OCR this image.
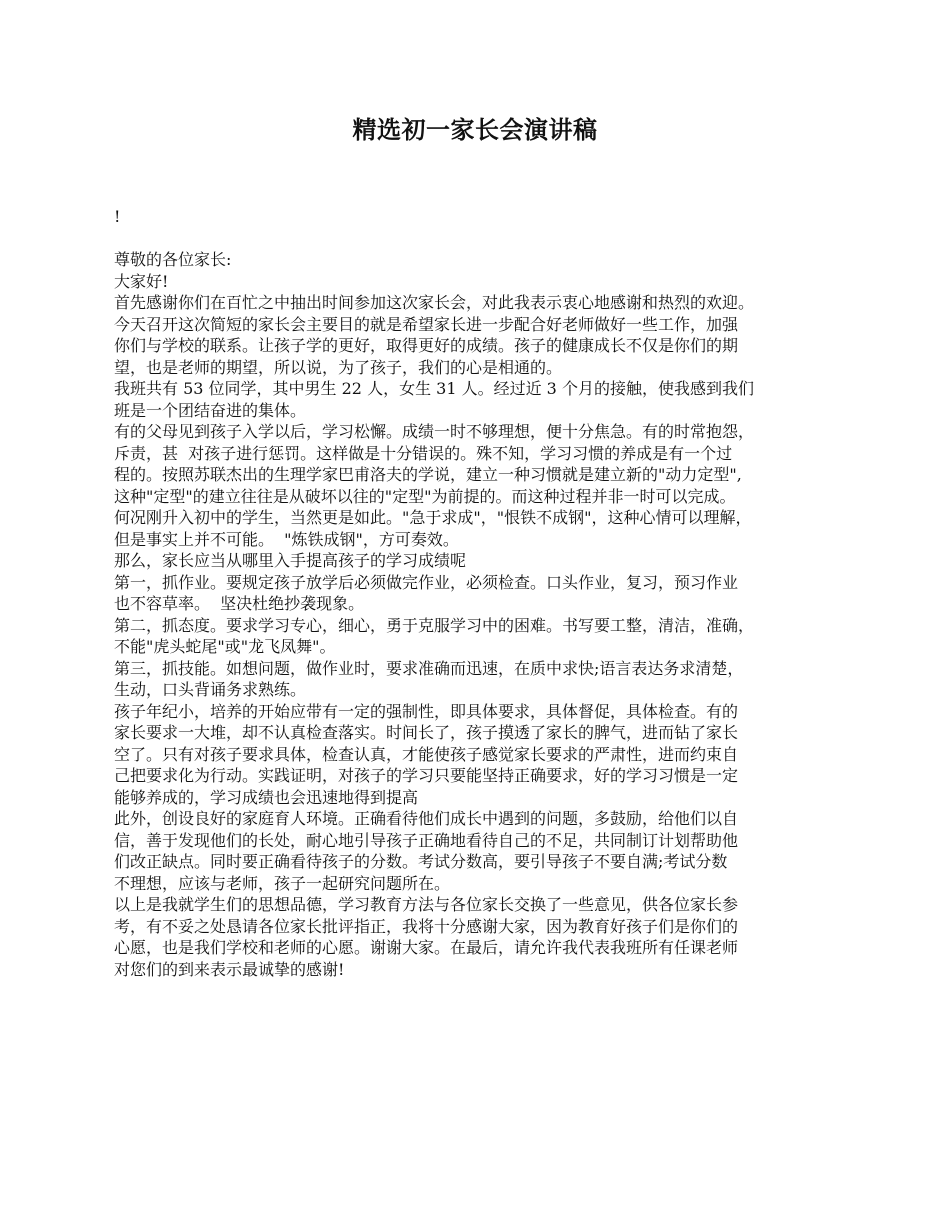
精选初一家长会演讲稿

!

尊敬的各位家长:

大家好!

首先感谢你们在百忙之中抽出时间参加这次家长会，对此我表示衷心地感谢和热烈的欢迎。

今天召开这次简短的家长会主要目的就是希望家长进一步配合好老师做好一些工作，加强

你们与学校的联系。让孩子学的更好，取得更好的成绩。孩子的健康成长不仅是你们的期

望，也是老师的期望，所以说，为了孩子，我们的心是相通的。

我班共有 53 位同学，其中男生 22 人，女生 31 人。经过近 3 个月的接触，使我感到我们

班是一个团结奋进的集体。

有的父母见到孩子入学以后，学习松懈。成绩一时不够理想，便十分焦急。有的时常抱怨，

斥责，甚  对孩子进行惩罚。这样做是十分错误的。殊不知，学习习惯的养成是有一个过

程的。按照苏联杰出的生理学家巴甫洛夫的学说，建立一种习惯就是建立新的"动力定型",

这种"定型"的建立往往是从破坏以往的"定型"为前提的。而这种过程并非一时可以完成。

何况刚升入初中的学生，当然更是如此。"急于求成"，"恨铁不成钢"，这种心情可以理解，

但是事实上并不可能。  "炼铁成钢"，方可奏效。

那么，家长应当从哪里入手提高孩子的学习成绩呢

第一，抓作业。要规定孩子放学后必须做完作业，必须检查。口头作业，复习，预习作业

也不容草率。  坚决杜绝抄袭现象。

第二，抓态度。要求学习专心，细心，勇于克服学习中的困难。书写要工整，清洁，准确，

不能"虎头蛇尾"或"龙飞凤舞"。

第三，抓技能。如想问题，做作业时，要求准确而迅速，在质中求快;语言表达务求清楚，

生动，口头背诵务求熟练。

孩子年纪小，培养的开始应带有一定的强制性，即具体要求，具体督促，具体检查。有的

家长要求一大堆，却不认真检查落实。时间长了，孩子摸透了家长的脾气，进而钻了家长

空了。只有对孩子要求具体，检查认真，才能使孩子感觉家长要求的严肃性，进而约束自

己把要求化为行动。实践证明，对孩子的学习只要能坚持正确要求，好的学习习惯是一定

能够养成的，学习成绩也会迅速地得到提高

此外，创设良好的家庭育人环境。正确看待他们成长中遇到的问题，多鼓励，给他们以自

信，善于发现他们的长处，耐心地引导孩子正确地看待自己的不足，共同制订计划帮助他

们改正缺点。同时要正确看待孩子的分数。考试分数高，要引导孩子不要自满;考试分数

不理想，应该与老师，孩子一起研究问题所在。

以上是我就学生们的思想品德，学习教育方法与各位家长交换了一些意见，供各位家长参

考，有不妥之处恳请各位家长批评指正，我将十分感谢大家，因为教育好孩子们是你们的

心愿，也是我们学校和老师的心愿。谢谢大家。在最后，请允许我代表我班所有任课老师

对您们的到来表示最诚挚的感谢!
